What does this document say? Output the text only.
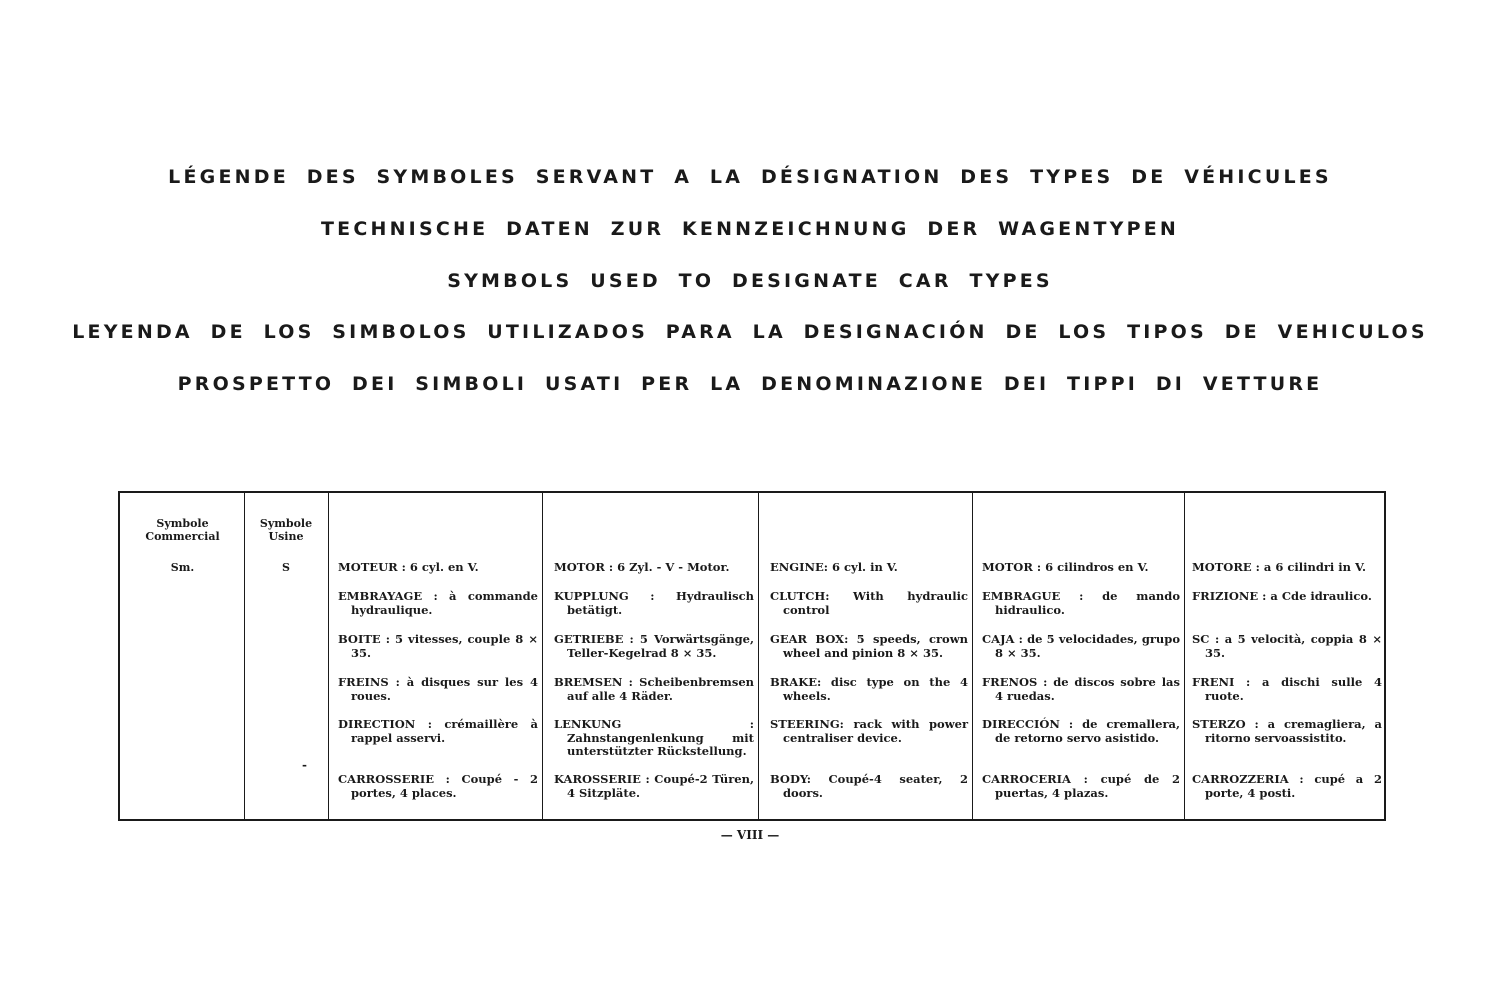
LÉGENDE DES SYMBOLES SERVANT A LA DÉSIGNATION DES TYPES DE VÉHICULES
TECHNISCHE DATEN ZUR KENNZEICHNUNG DER WAGENTYPEN
SYMBOLS USED TO DESIGNATE CAR TYPES
LEYENDA DE LOS SIMBOLOS UTILIZADOS PARA LA DESIGNACIÓN DE LOS TIPOS DE VEHICULOS
PROSPETTO DEI SIMBOLI USATI PER LA DENOMINAZIONE DEI TIPPI DI VETTURE
Symbole Commercial
Symbole Usine
Sm.	S
-
MOTEUR : 6 cyl. en V.
EMBRAYAGE : à commande hydraulique.
BOITE : 5 vitesses, couple 8 × 35.
FREINS : à disques sur les 4 roues.
DIRECTION : crémaillère à rappel asservi.
CARROSSERIE : Coupé - 2 portes, 4 places.
MOTOR : 6 Zyl. - V - Motor.
KUPPLUNG : Hydraulisch betätigt.
GETRIEBE : 5 Vorwärtsgänge, Teller-Kegelrad 8 × 35.
BREMSEN : Scheibenbremsen auf alle 4 Räder.
LENKUNG : Zahnstangenlenkung mit unterstützter Rückstellung.
KAROSSERIE : Coupé-2 Türen, 4 Sitzpläte.
ENGINE: 6 cyl. in V.
CLUTCH: With hydraulic control
GEAR BOX: 5 speeds, crown wheel and pinion 8 × 35.
BRAKE: disc type on the 4 wheels.
STEERING: rack with power centraliser device.
BODY: Coupé-4 seater, 2 doors.
MOTOR : 6 cilindros en V.
EMBRAGUE : de mando hidraulico.
CAJA : de 5 velocidades, grupo 8 × 35.
FRENOS : de discos sobre las 4 ruedas.
DIRECCIÓN : de cremallera, de retorno servo asistido.
CARROCERIA : cupé de 2 puertas, 4 plazas.
MOTORE : a 6 cilindri in V.
FRIZIONE : a Cde idraulico.
SC : a 5 velocità, coppia 8 × 35.
FRENI : a dischi sulle 4 ruote.
STERZO : a cremagliera, a ritorno servoassistito.
CARROZZERIA : cupé a 2 porte, 4 posti.
— VIII —
